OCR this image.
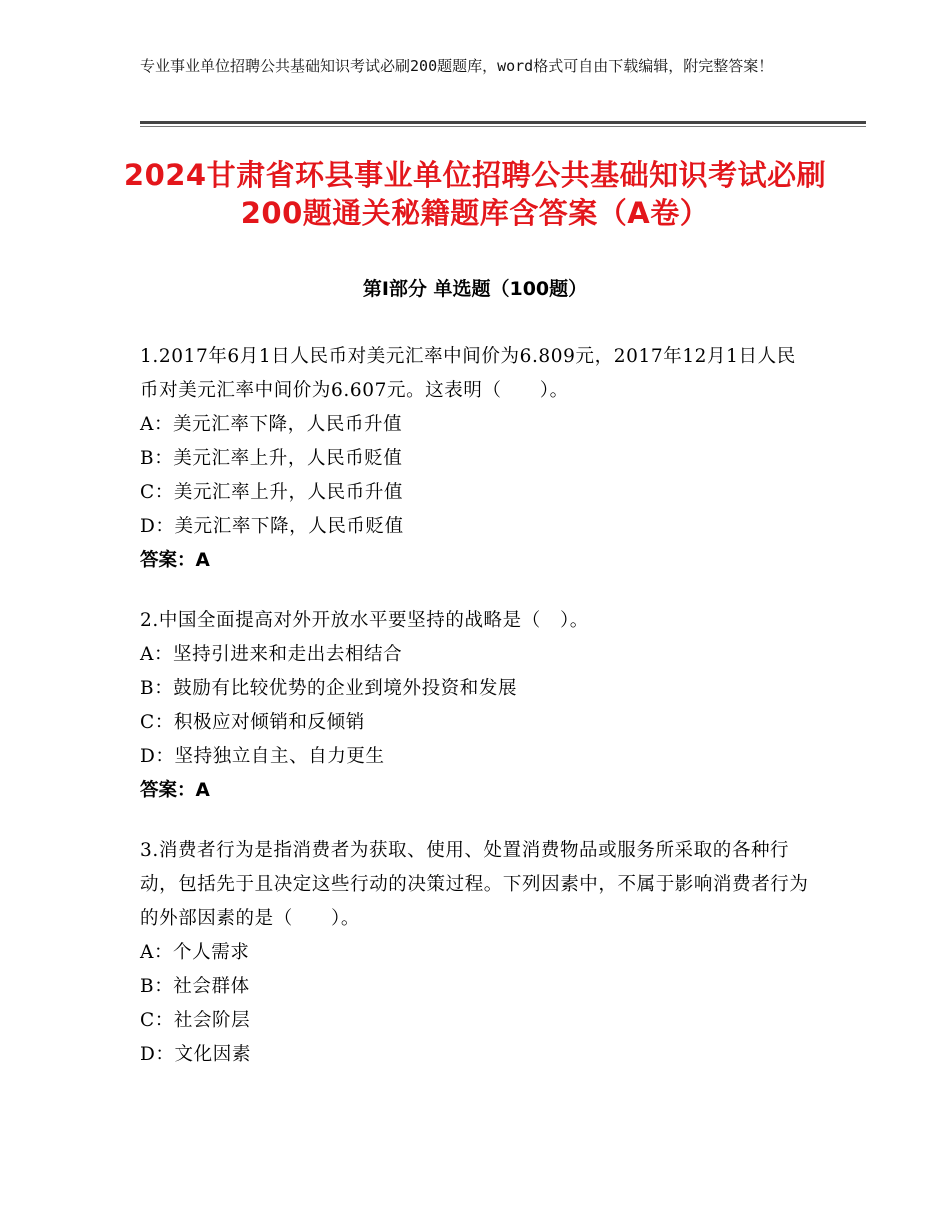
专业事业单位招聘公共基础知识考试必刷200题题库，word格式可自由下载编辑，附完整答案！
2024甘肃省环县事业单位招聘公共基础知识考试必刷200题通关秘籍题库含答案（A卷）
第Ⅰ部分 单选题（100题）
1.2017年6月1日人民币对美元汇率中间价为6.809元，2017年12月1日人民币对美元汇率中间价为6.607元。这表明（　　）。
A：美元汇率下降，人民币升值
B：美元汇率上升，人民币贬值
C：美元汇率上升，人民币升值
D：美元汇率下降，人民币贬值
答案：A
2.中国全面提高对外开放水平要坚持的战略是（　）。
A：坚持引进来和走出去相结合
B：鼓励有比较优势的企业到境外投资和发展
C：积极应对倾销和反倾销
D：坚持独立自主、自力更生
答案：A
3.消费者行为是指消费者为获取、使用、处置消费物品或服务所采取的各种行动，包括先于且决定这些行动的决策过程。下列因素中，不属于影响消费者行为的外部因素的是（　　）。
A：个人需求
B：社会群体
C：社会阶层
D：文化因素
